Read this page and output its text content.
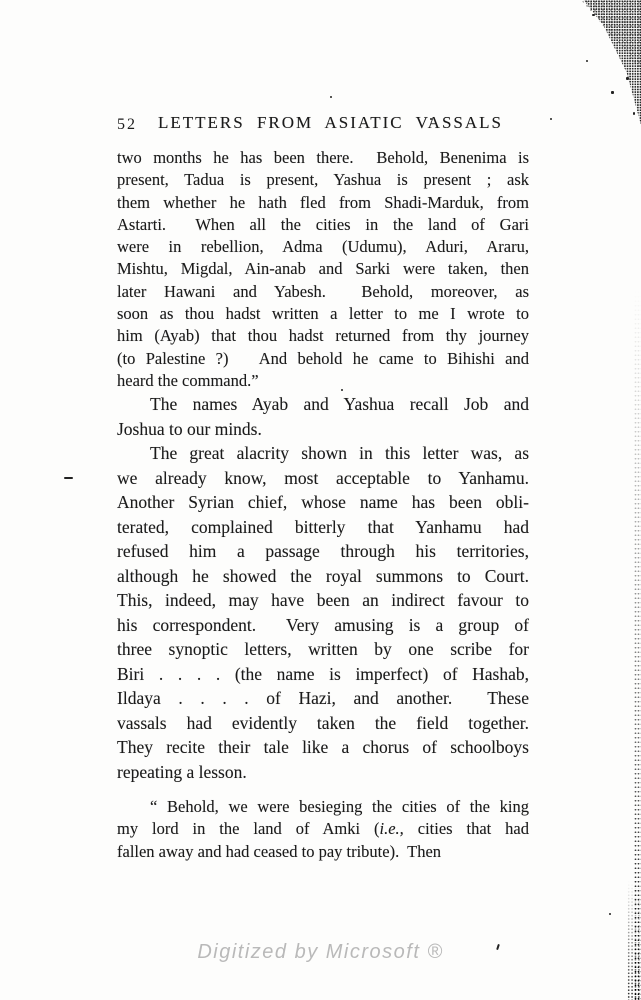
52 LETTERS FROM ASIATIC VASSALS
two months he has been there.  Behold, Benenima is
present, Tadua is present, Yashua is present ; ask
them whether he hath fled from Shadi-Marduk, from
Astarti.  When all the cities in the land of Gari
were in rebellion, Adma (Udumu), Aduri, Araru,
Mishtu, Migdal, Ain-anab and Sarki were taken, then
later Hawani and Yabesh.  Behold, moreover, as
soon as thou hadst written a letter to me I wrote to
him (Ayab) that thou hadst returned from thy journey
(to Palestine ?)   And behold he came to Bihishi and
heard the command.”
The names Ayab and Yashua recall Job and
Joshua to our minds.
The great alacrity shown in this letter was, as
we already know, most acceptable to Yanhamu.
Another Syrian chief, whose name has been obli-
terated, complained bitterly that Yanhamu had
refused him a passage through his territories,
although he showed the royal summons to Court.
This, indeed, may have been an indirect favour to
his correspondent.  Very amusing is a group of
three synoptic letters, written by one scribe for
Biri . . . . (the name is imperfect) of Hashab,
Ildaya . . . . of Hazi, and another.  These
vassals had evidently taken the field together.
They recite their tale like a chorus of schoolboys
repeating a lesson.
“ Behold, we were besieging the cities of the king
my lord in the land of Amki (i.e., cities that had
fallen away and had ceased to pay tribute).  Then
Digitized by Microsoft ®
